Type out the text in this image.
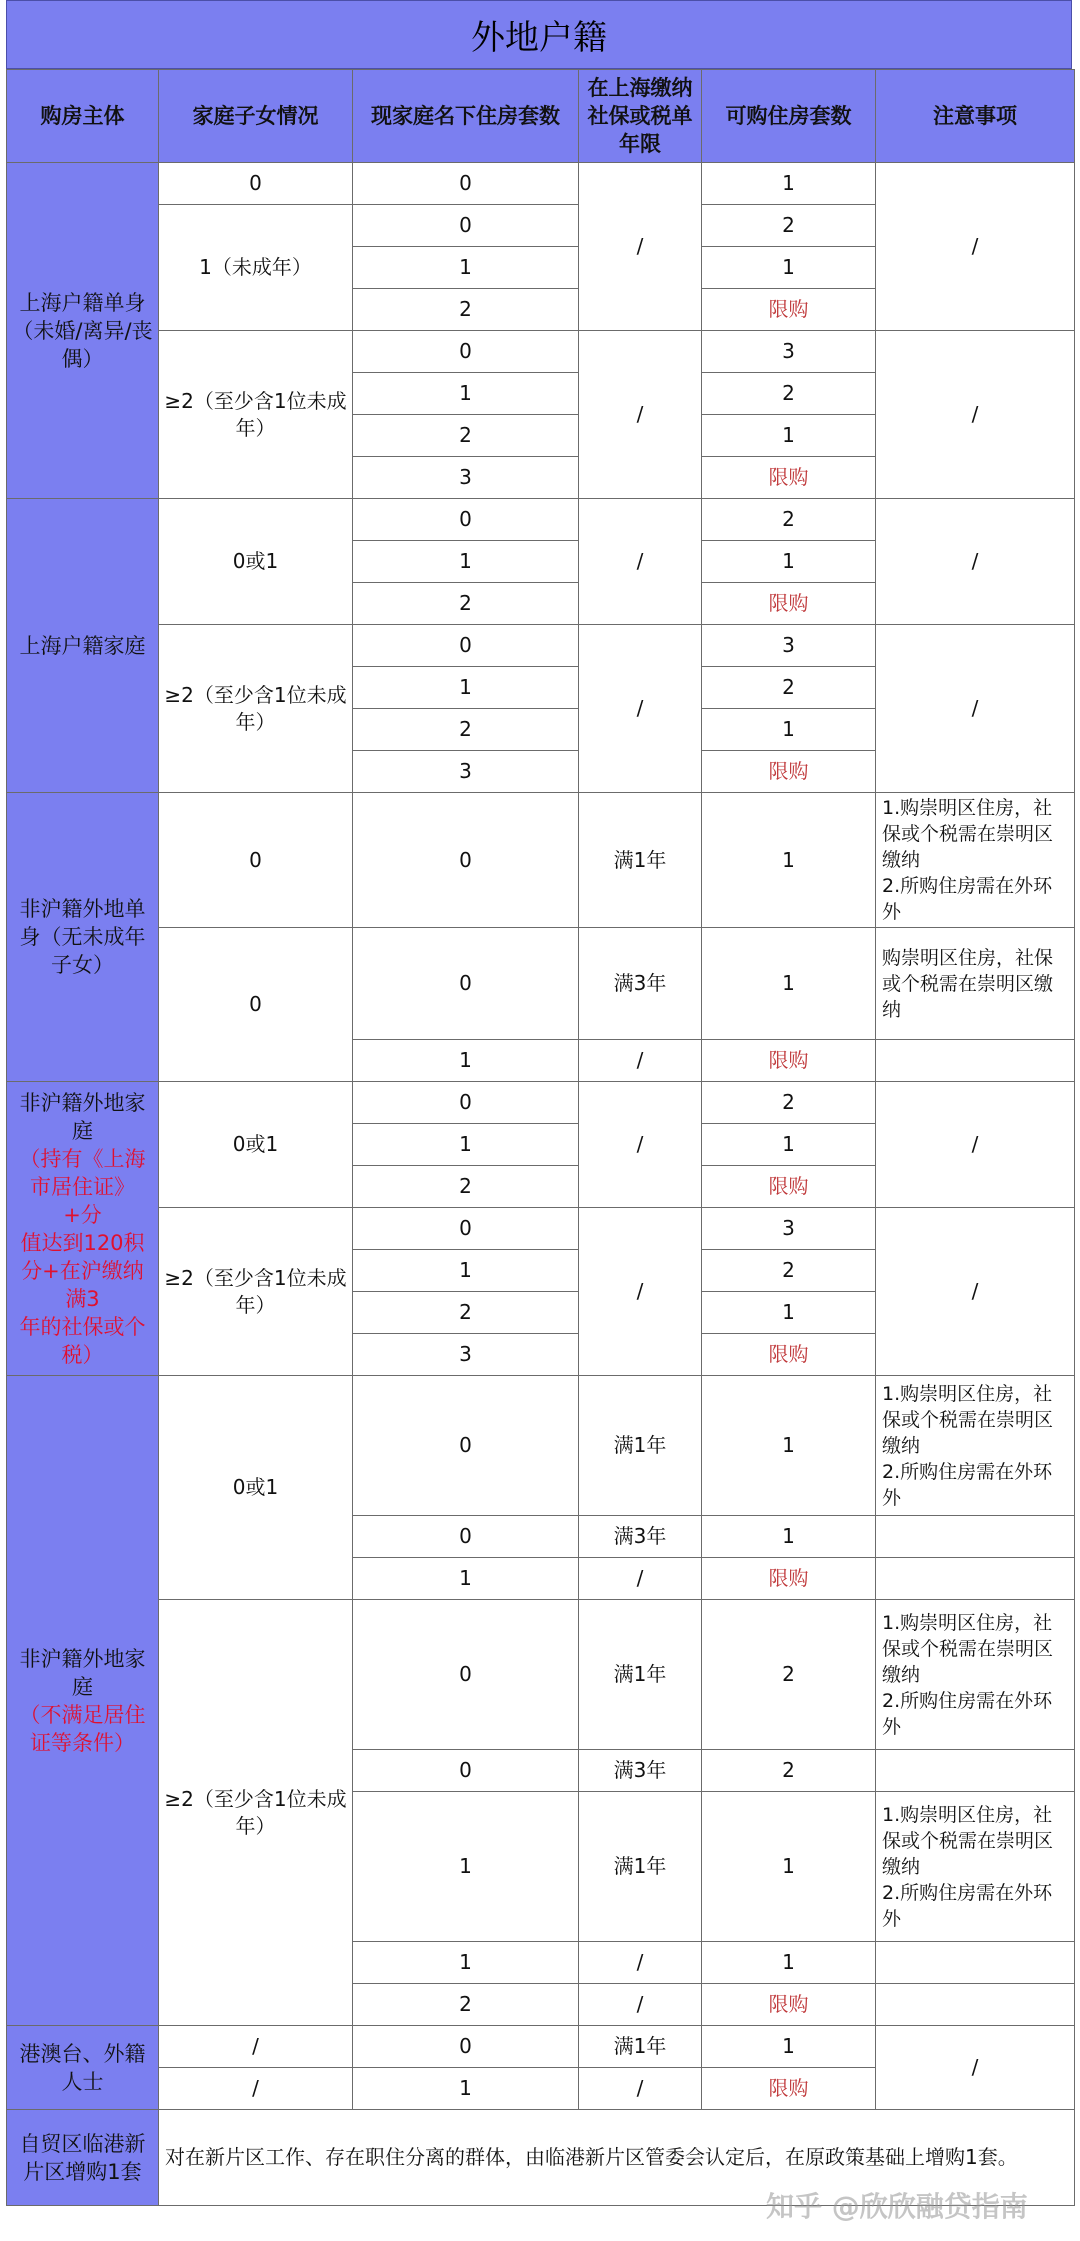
外地户籍
购房主体	家庭子女情况	现家庭名下住房套数	在上海缴纳社保或税单年限	可购住房套数	注意事项
上海户籍单身（未婚/离异/丧偶）	0	0	/	1	/
	1（未成年）	0		2	
		1		1	
		2		限购	
	≥2（至少含1位未成年）	0	/	3	/
		1		2	
		2		1	
		3		限购	
上海户籍家庭	0或1	0	/	2	/
		1		1	
		2		限购	
	≥2（至少含1位未成年）	0	/	3	/
		1		2	
		2		1	
		3		限购	
非沪籍外地单身（无未成年子女）	0	0	满1年	1	1.购崇明区住房，社保或个税需在崇明区缴纳
2.所购住房需在外环外

	0	0	满3年	1	购崇明区住房，社保或个税需在崇明区缴纳
		1	/	限购	
非沪籍外地家庭
（持有《上海市居住证》+分
值达到120积分+在沪缴纳满3
年的社保或个税）	0或1	0	/	2	/
		1		1	
		2		限购	
	≥2（至少含1位未成年）	0	/	3	/
		1		2	
		2		1	
		3		限购	
非沪籍外地家庭
（不满足居住证等条件）	0或1	0	满1年	1	1.购崇明区住房，社保或个税需在崇明区缴纳
2.所购住房需在外环外

		0	满3年	1	
		1	/	限购	
	≥2（至少含1位未成年）	0	满1年	2	1.购崇明区住房，社保或个税需在崇明区缴纳
2.所购住房需在外环外

		0	满3年	2	
		1	满1年	1	1.购崇明区住房，社保或个税需在崇明区缴纳
2.所购住房需在外环外

		1	/	1	
		2	/	限购	
港澳台、外籍人士	/	0	满1年	1	/
	/	1	/	限购	
自贸区临港新片区增购1套	对在新片区工作、存在职住分离的群体，由临港新片区管委会认定后，在原政策基础上增购1套。				
知乎 @欣欣融贷指南
